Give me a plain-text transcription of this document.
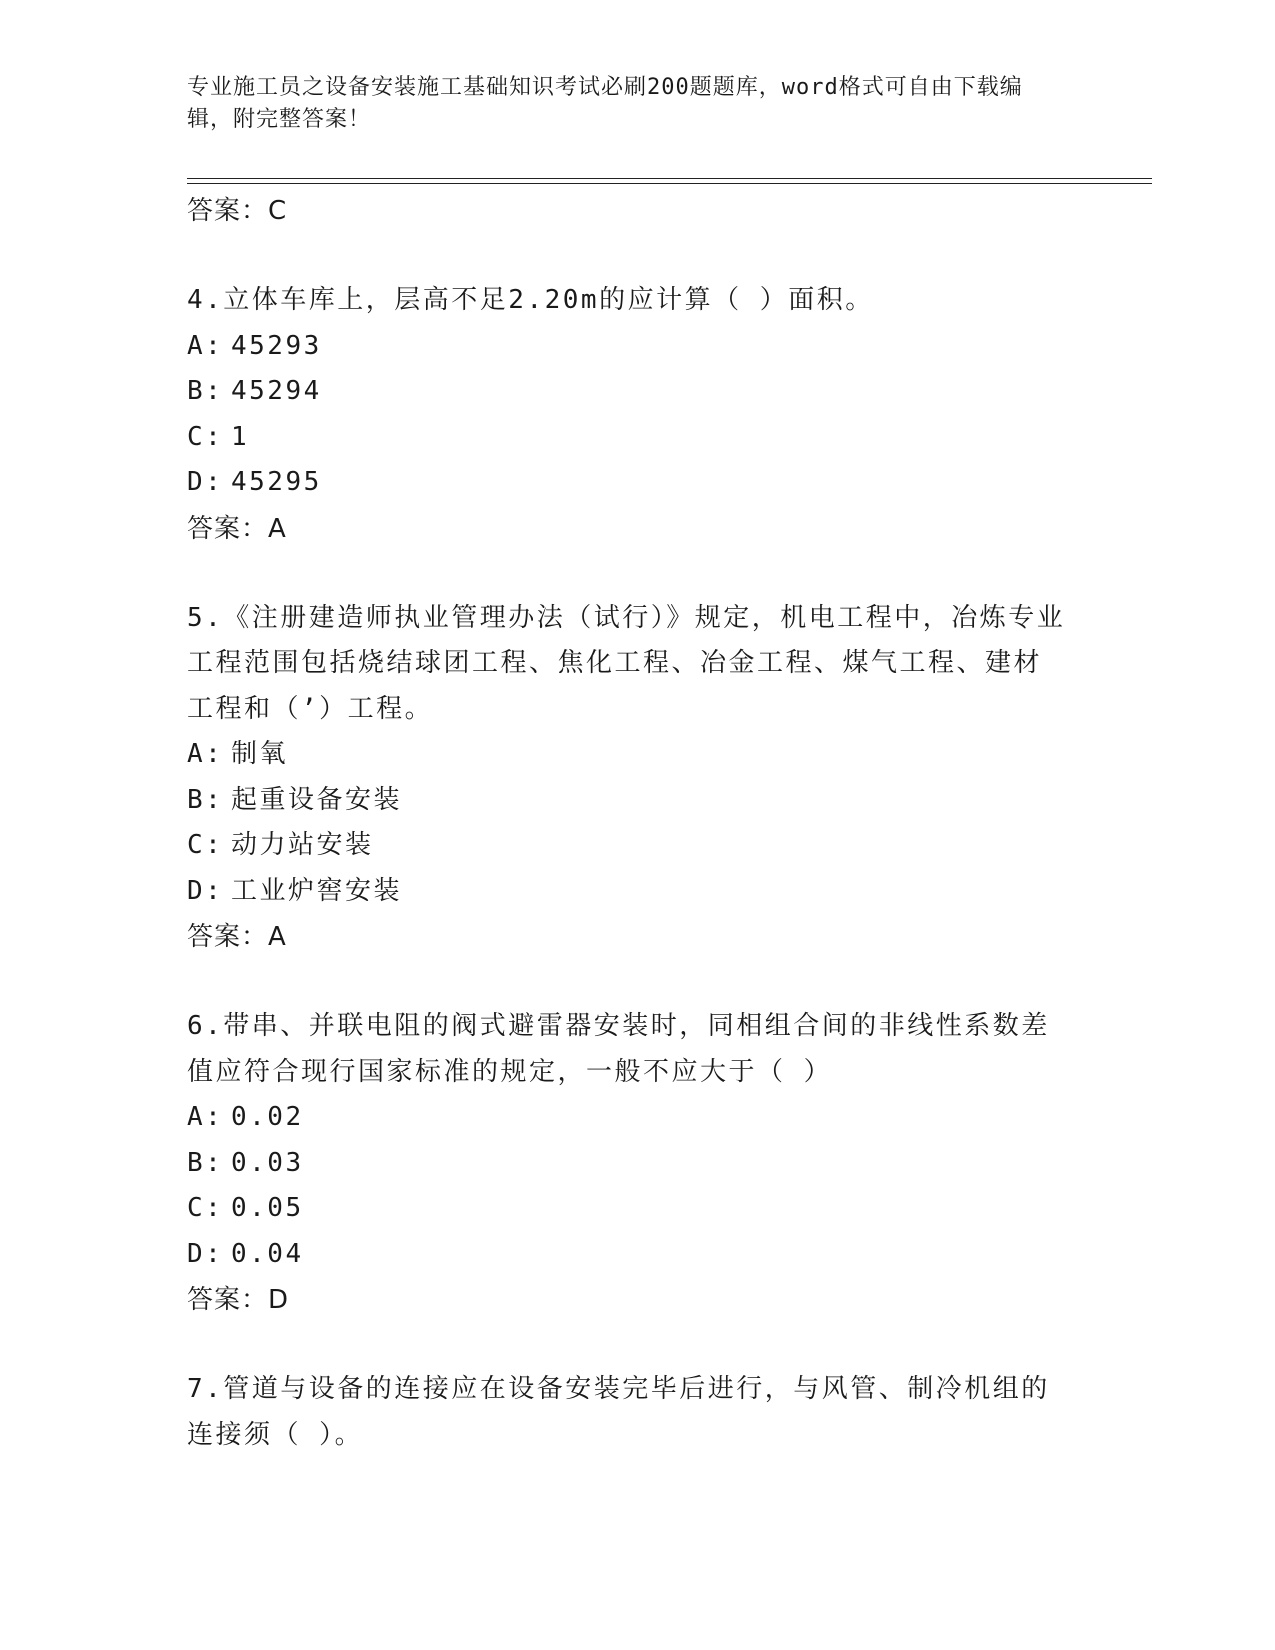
专业施工员之设备安装施工基础知识考试必刷200题题库，word格式可自由下载编辑，附完整答案！
答案：C
4.立体车库上，层高不足2.20m的应计算（ ）面积。
A: 45293
B: 45294
C: 1
D: 45295
答案：A
5.《注册建造师执业管理办法（试行）》规定，机电工程中，冶炼专业工程范围包括烧结球团工程、焦化工程、冶金工程、煤气工程、建材工程和（’）工程。
A: 制氧
B: 起重设备安装
C: 动力站安装
D: 工业炉窖安装
答案：A
6.带串、并联电阻的阀式避雷器安装时，同相组合间的非线性系数差值应符合现行国家标准的规定，一般不应大于（ ）
A: 0.02
B: 0.03
C: 0.05
D: 0.04
答案：D
7.管道与设备的连接应在设备安装完毕后进行，与风管、制冷机组的连接须（ ）。
